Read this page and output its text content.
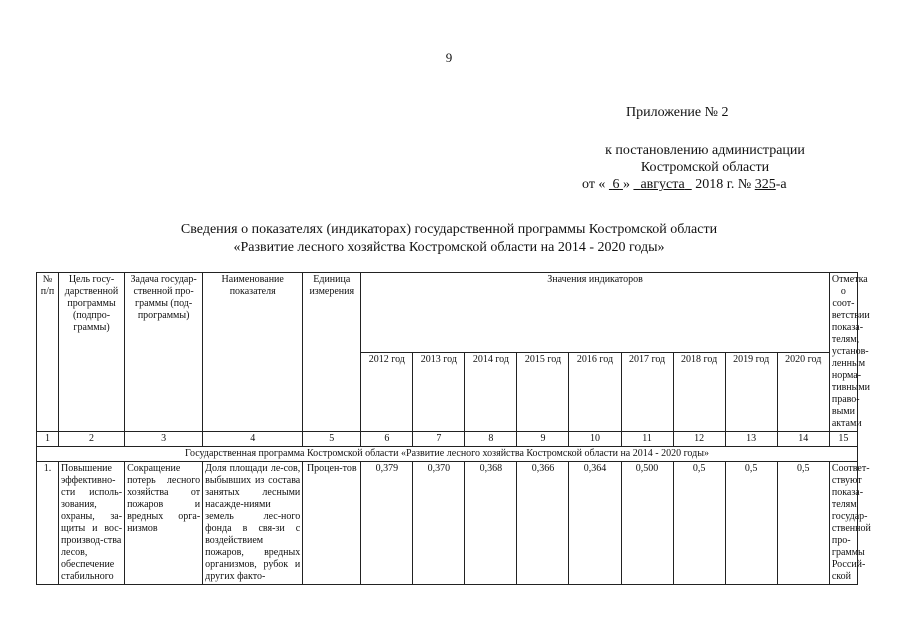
9
Приложение № 2
к постановлению администрации
Костромской области
от « 6 » августа 2018 г. № 325-а
Сведения о показателях (индикаторах) государственной программы Костромской области
«Развитие лесного хозяйства Костромской области на 2014 - 2020 годы»
№ п/п	Цель госу-дарственной программы (подпро-граммы)	Задача государ-ственной про-граммы (под-программы)	Наименование показателя	Единица измерения	Значения индикаторов									Отметка о соот-ветствии показа-телям, установ-ленным норма-тивными право-выми актами
					2012 год	2013 год	2014 год	2015 год	2016 год	2017 год	2018 год	2019 год	2020 год	
1	2	3	4	5	6	7	8	9	10	11	12	13	14	15
Государственная программа Костромской области «Развитие лесного хозяйства Костромской области на 2014 - 2020 годы»														
1.	Повышение эффективно-сти исполь-зования, охраны, за-щиты и вос-производ-ства лесов, обеспечение стабильного	Сокращение потерь лесного хозяйства от пожаров и вредных орга-низмов	Доля площади ле-сов, выбывших из состава занятых лесными насажде-ниями земель лес-ного фонда в свя-зи с воздействием пожаров, вредных организмов, рубок и других факто-	Процен-тов	0,379	0,370	0,368	0,366	0,364	0,500	0,5	0,5	0,5	Соответ-ствуют показа-телям государ-ственной про-граммы Россий-ской
